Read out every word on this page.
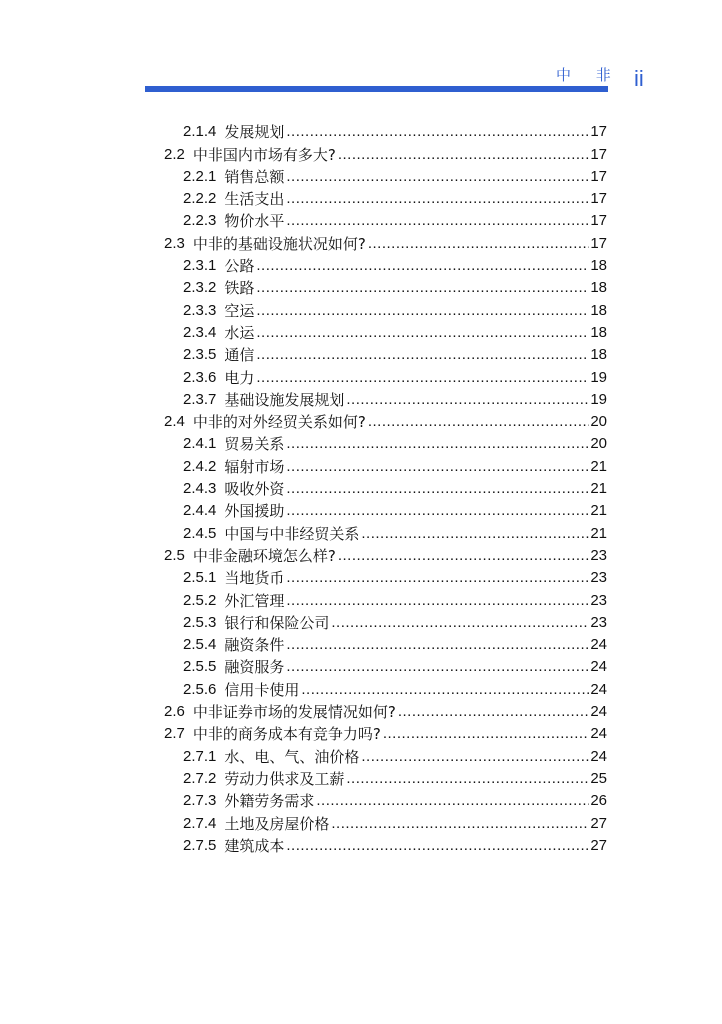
中 非 ii
2.1.4 发展规划 .....	17
2.2 中非国内市场有多大? .....	17
2.2.1 销售总额 .....	17
2.2.2 生活支出 .....	17
2.2.3 物价水平 .....	17
2.3 中非的基础设施状况如何? .....	17
2.3.1 公路 .....	18
2.3.2 铁路 .....	18
2.3.3 空运 .....	18
2.3.4 水运 .....	18
2.3.5 通信 .....	18
2.3.6 电力 .....	19
2.3.7 基础设施发展规划 .....	19
2.4 中非的对外经贸关系如何? .....	20
2.4.1 贸易关系 .....	20
2.4.2 辐射市场 .....	21
2.4.3 吸收外资 .....	21
2.4.4 外国援助 .....	21
2.4.5 中国与中非经贸关系 .....	21
2.5 中非金融环境怎么样? .....	23
2.5.1 当地货币 .....	23
2.5.2 外汇管理 .....	23
2.5.3 银行和保险公司 .....	23
2.5.4 融资条件 .....	24
2.5.5 融资服务 .....	24
2.5.6 信用卡使用 .....	24
2.6 中非证券市场的发展情况如何? .....	24
2.7 中非的商务成本有竞争力吗? .....	24
2.7.1 水、电、气、油价格 .....	24
2.7.2 劳动力供求及工薪 .....	25
2.7.3 外籍劳务需求 .....	26
2.7.4 土地及房屋价格 .....	27
2.7.5 建筑成本 .....	27
